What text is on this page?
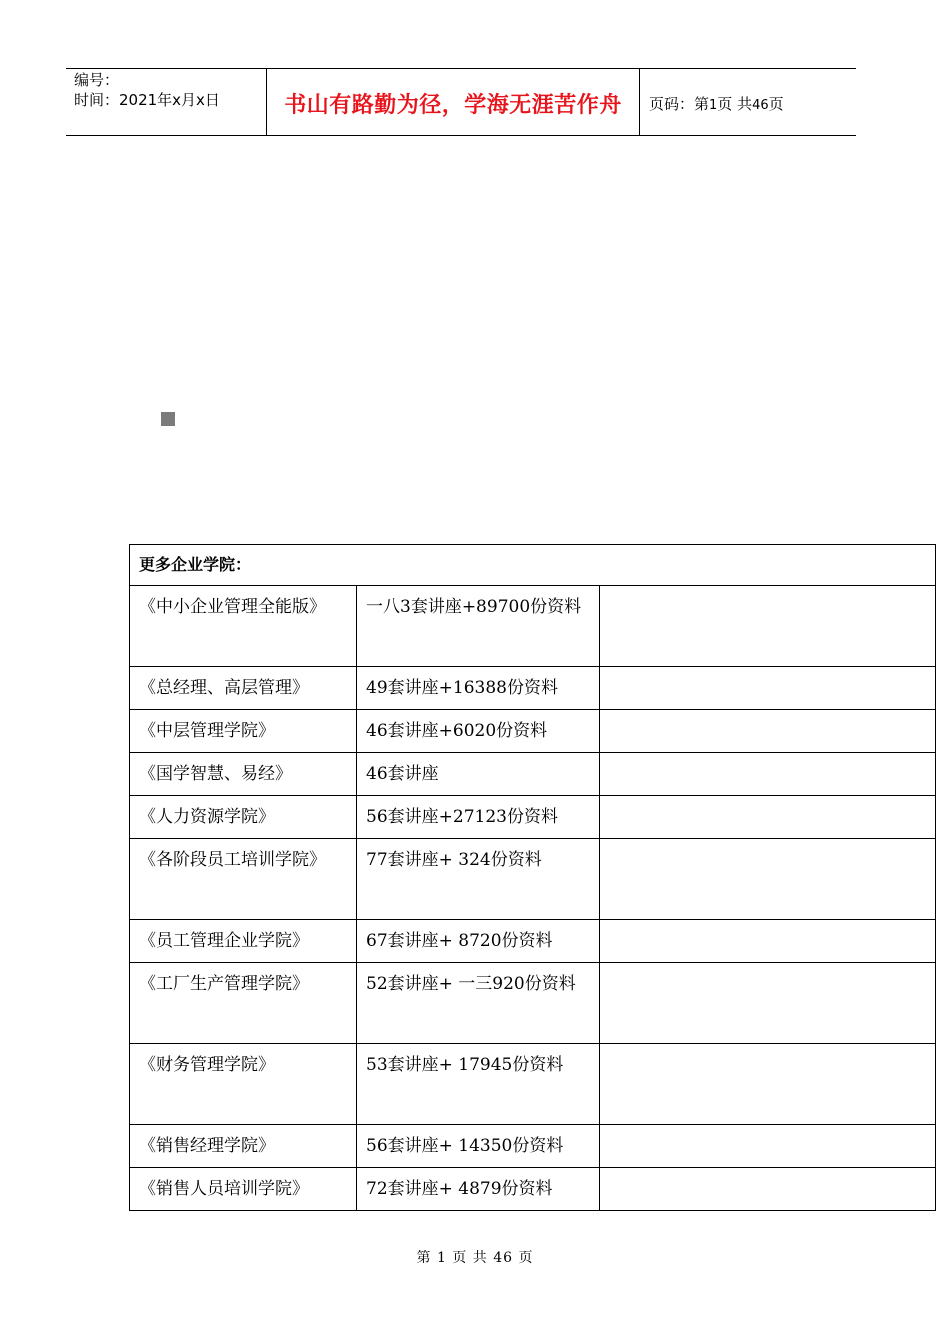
编号：
时间：2021年x月x日	书山有路勤为径，学海无涯苦作舟	页码：第1页 共46页
更多企业学院：		
《中小企业管理全能版》	一八3套讲座+89700份资料	
《总经理、高层管理》	49套讲座+16388份资料	
《中层管理学院》	46套讲座+6020份资料	
《国学智慧、易经》	46套讲座	
《人力资源学院》	56套讲座+27123份资料	
《各阶段员工培训学院》	77套讲座+ 324份资料	
《员工管理企业学院》	67套讲座+ 8720份资料	
《工厂生产管理学院》	52套讲座+ 一三920份资料	
《财务管理学院》	53套讲座+ 17945份资料	
《销售经理学院》	56套讲座+ 14350份资料	
《销售人员培训学院》	72套讲座+ 4879份资料	
第 1 页 共 46 页
